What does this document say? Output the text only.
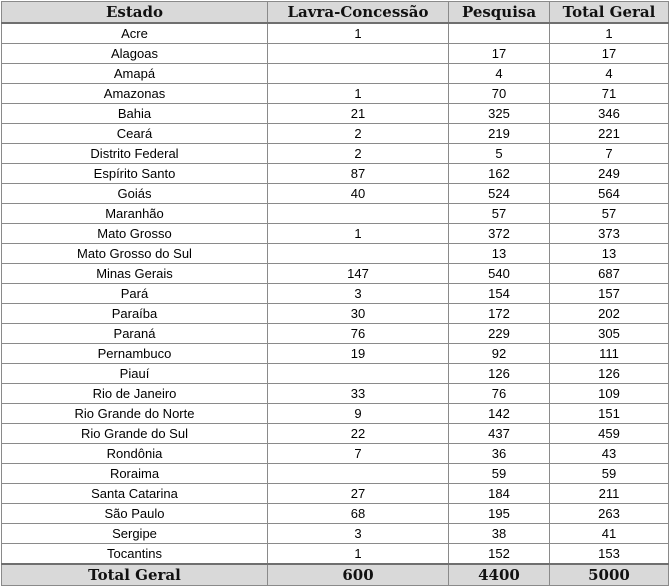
Estado	Lavra-Concessão	Pesquisa	Total Geral
Acre	1		1
Alagoas		17	17
Amapá		4	4
Amazonas	1	70	71
Bahia	21	325	346
Ceará	2	219	221
Distrito Federal	2	5	7
Espírito Santo	87	162	249
Goiás	40	524	564
Maranhão		57	57
Mato Grosso	1	372	373
Mato Grosso do Sul		13	13
Minas Gerais	147	540	687
Pará	3	154	157
Paraíba	30	172	202
Paraná	76	229	305
Pernambuco	19	92	111
Piauí		126	126
Rio de Janeiro	33	76	109
Rio Grande do Norte	9	142	151
Rio Grande do Sul	22	437	459
Rondônia	7	36	43
Roraima		59	59
Santa Catarina	27	184	211
São Paulo	68	195	263
Sergipe	3	38	41
Tocantins	1	152	153
Total Geral	600	4400	5000
